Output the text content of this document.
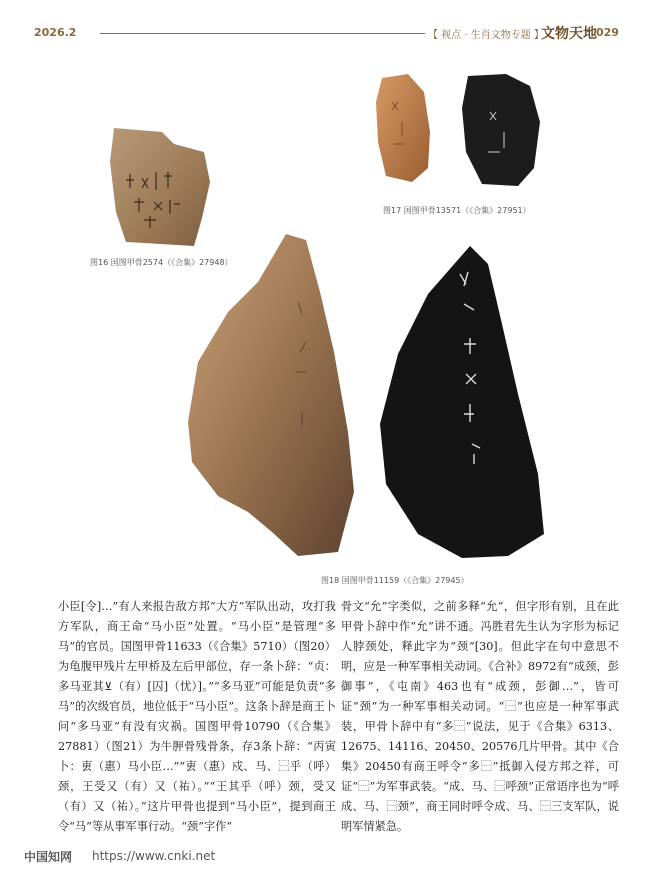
2026.2	【 视点 · 生肖文物专题 】
文物天地 029
图16 国图甲骨2574（《合集》27948）
图17 国图甲骨13571（《合集》27951）
图18 国图甲骨11159（《合集》27945）

小臣[令]…”有人来报告敌方邦“大方”军队出动，攻打我方军队，商王命“马小臣”处置。“马小臣”是管理“多马”的官员。国图甲骨11633（《合集》5710）（图20）为龟腹甲残片左甲桥及左后甲部位，存一条卜辞：“贞：多马亚其⊻（有）[囚]（忧）]。”“多马亚”可能是负责“多马”的次级官员，地位低于“马小臣”。这条卜辞是商王卜问“多马亚”有没有灾祸。国图甲骨10790（《合集》27881）（图21）为牛胛骨残骨条，存3条卜辞：“丙寅卜：叀（惠）马小臣…”“叀（惠）戍、马、⿱乎（呼）颈，王受又（有）又（祐）。”“王其乎（呼）颈，受又（有）又（祐）。”这片甲骨也提到“马小臣”，提到商王令“马”等从事军事行动。“颈”字作“

骨文“允”字类似，之前多释“允”，但字形有别，且在此甲骨卜辞中作“允”讲不通。冯胜君先生认为字形为标记人脖颈处，释此字为“颈”[30]。但此字在句中意思不明，应是一种军事相关动词。《合补》8972有“成颈，彭御事”，《屯南》463也有“成颈，彭御…”，皆可证“颈”为一种军事相关动词。“⿱”也应是一种军事武装，甲骨卜辞中有“多⿱”说法，见于《合集》6313、12675、14116、20450、20576几片甲骨。其中《合集》20450有商王呼令“多⿱”抵御入侵方邦之祥，可证“⿱”为军事武装。“成、马、⿱呼颈”正常语序也为“呼成、马、⿱颈”，商王同时呼令成、马、⿱三支军队，说明军情紧急。

中国知网 https://www.cnki.net
